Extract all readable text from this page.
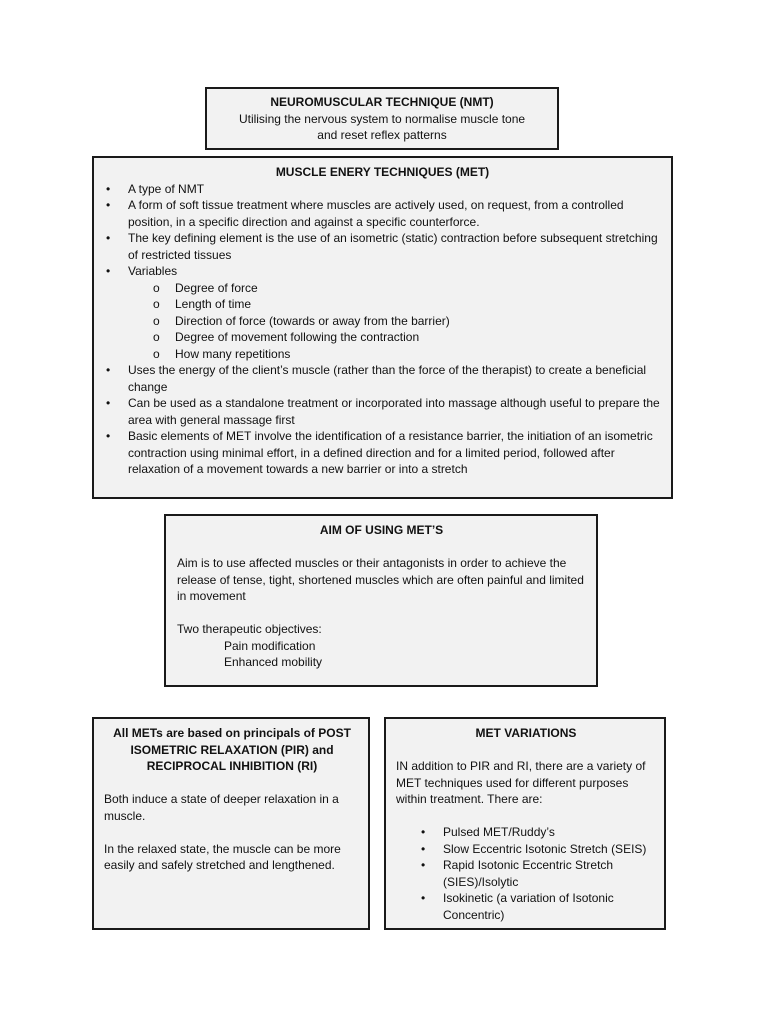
NEUROMUSCULAR TECHNIQUE (NMT)
Utilising the nervous system to normalise muscle tone
and reset reflex patterns
MUSCLE ENERY TECHNIQUES (MET)
• A type of NMT
• A form of soft tissue treatment where muscles are actively used, on request, from a controlled position, in a specific direction and against a specific counterforce.
• The key defining element is the use of an isometric (static) contraction before subsequent stretching of restricted tissues
• Variables
o Degree of force
o Length of time
o Direction of force (towards or away from the barrier)
o Degree of movement following the contraction
o How many repetitions
• Uses the energy of the client’s muscle (rather than the force of the therapist) to create a beneficial change
• Can be used as a standalone treatment or incorporated into massage although useful to prepare the area with general massage first
• Basic elements of MET involve the identification of a resistance barrier, the initiation of an isometric contraction using minimal effort, in a defined direction and for a limited period, followed after relaxation of a movement towards a new barrier or into a stretch
AIM OF USING MET’S

Aim is to use affected muscles or their antagonists in order to achieve the release of tense, tight, shortened muscles which are often painful and limited in movement

Two therapeutic objectives:

Pain modification

Enhanced mobility

All METs are based on principals of POST ISOMETRIC RELAXATION (PIR) and RECIPROCAL INHIBITION (RI)

Both induce a state of deeper relaxation in a muscle.

In the relaxed state, the muscle can be more easily and safely stretched and lengthened.

MET VARIATIONS

IN addition to PIR and RI, there are a variety of MET techniques used for different purposes within treatment. There are:

• Pulsed MET/Ruddy’s
• Slow Eccentric Isotonic Stretch (SEIS)
• Rapid Isotonic Eccentric Stretch (SIES)/Isolytic
• Isokinetic (a variation of Isotonic Concentric)
